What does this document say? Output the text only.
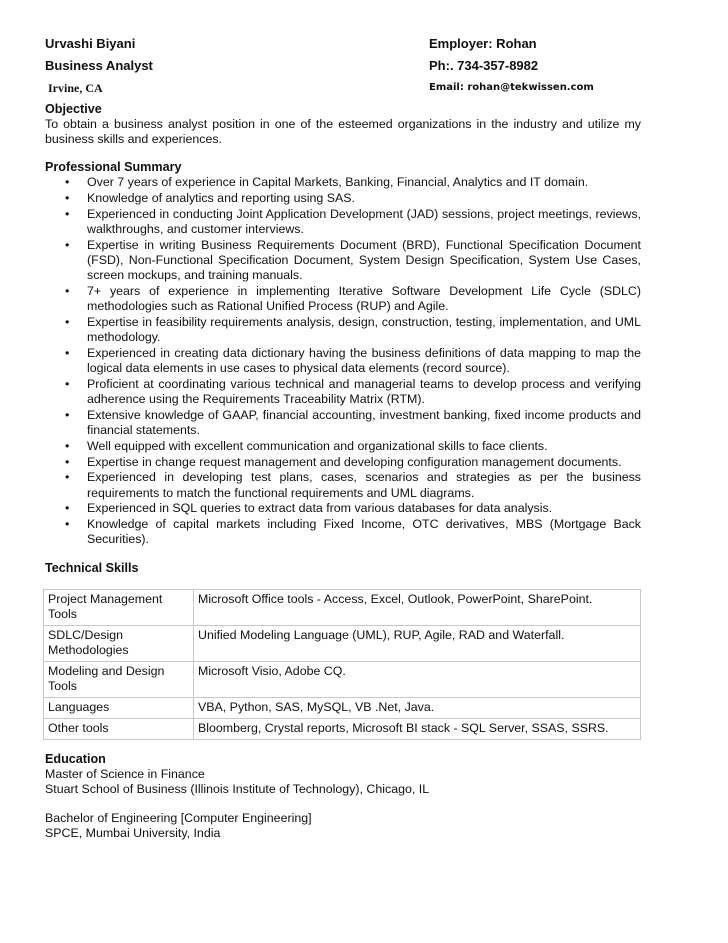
Urvashi Biyani
Business Analyst
Irvine, CA
Employer: Rohan
Ph:. 734-357-8982
Email: rohan@tekwissen.com
Objective
To obtain a business analyst position in one of the esteemed organizations in the industry and utilize my business skills and experiences.
Professional Summary
• Over 7 years of experience in Capital Markets, Banking, Financial, Analytics and IT domain.
• Knowledge of analytics and reporting using SAS.
• Experienced in conducting Joint Application Development (JAD) sessions, project meetings, reviews, walkthroughs, and customer interviews.
• Expertise in writing Business Requirements Document (BRD), Functional Specification Document (FSD), Non-Functional Specification Document, System Design Specification, System Use Cases, screen mockups, and training manuals.
• 7+ years of experience in implementing Iterative Software Development Life Cycle (SDLC) methodologies such as Rational Unified Process (RUP) and Agile.
• Expertise in feasibility requirements analysis, design, construction, testing, implementation, and UML methodology.
• Experienced in creating data dictionary having the business definitions of data mapping to map the logical data elements in use cases to physical data elements (record source).
• Proficient at coordinating various technical and managerial teams to develop process and verifying adherence using the Requirements Traceability Matrix (RTM).
• Extensive knowledge of GAAP, financial accounting, investment banking, fixed income products and financial statements.
• Well equipped with excellent communication and organizational skills to face clients.
• Expertise in change request management and developing configuration management documents.
• Experienced in developing test plans, cases, scenarios and strategies as per the business requirements to match the functional requirements and UML diagrams.
• Experienced in SQL queries to extract data from various databases for data analysis.
• Knowledge of capital markets including Fixed Income, OTC derivatives, MBS (Mortgage Back Securities).
Technical Skills
Project Management Tools	Microsoft Office tools - Access, Excel, Outlook, PowerPoint, SharePoint.
SDLC/Design Methodologies	Unified Modeling Language (UML), RUP, Agile, RAD and Waterfall.
Modeling and Design Tools	Microsoft Visio, Adobe CQ.
Languages	VBA, Python, SAS, MySQL, VB .Net, Java.
Other tools	Bloomberg, Crystal reports, Microsoft BI stack - SQL Server, SSAS, SSRS.
Education
Master of Science in Finance
Stuart School of Business (Illinois Institute of Technology), Chicago, IL
Bachelor of Engineering [Computer Engineering]
SPCE, Mumbai University, India
